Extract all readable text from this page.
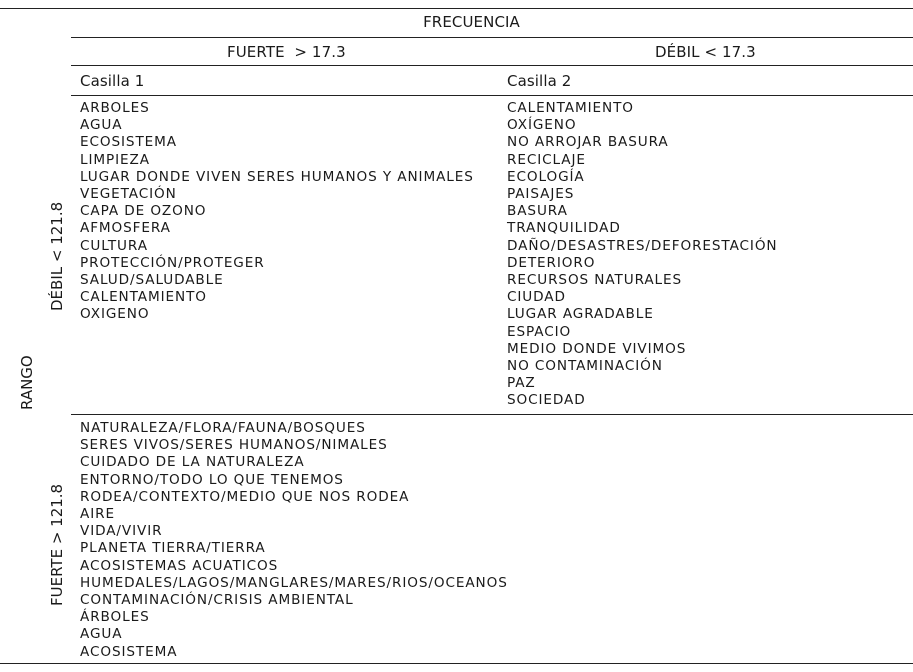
FRECUENCIA
FUERTE  > 17.3	DÉBIL < 17.3
Casilla 1	Casilla 2
RANGO
DÉBIL < 121.8
FUERTE > 121.8
ARBOLES
AGUA
ECOSISTEMA
LIMPIEZA
LUGAR DONDE VIVEN SERES HUMANOS Y ANIMALES
VEGETACIÓN
CAPA DE OZONO
AFMOSFERA
CULTURA
PROTECCIÓN/PROTEGER
SALUD/SALUDABLE
CALENTAMIENTO
OXIGENO
CALENTAMIENTO
OXÍGENO
NO ARROJAR BASURA
RECICLAJE
ECOLOGÍA
PAISAJES
BASURA
TRANQUILIDAD
DAÑO/DESASTRES/DEFORESTACIÓN
DETERIORO
RECURSOS NATURALES
CIUDAD
LUGAR AGRADABLE
ESPACIO
MEDIO DONDE VIVIMOS
NO CONTAMINACIÓN
PAZ
SOCIEDAD
NATURALEZA/FLORA/FAUNA/BOSQUES
SERES VIVOS/SERES HUMANOS/NIMALES
CUIDADO DE LA NATURALEZA
ENTORNO/TODO LO QUE TENEMOS
RODEA/CONTEXTO/MEDIO QUE NOS RODEA
AIRE
VIDA/VIVIR
PLANETA TIERRA/TIERRA
ACOSISTEMAS ACUATICOS
HUMEDALES/LAGOS/MANGLARES/MARES/RIOS/OCEANOS
CONTAMINACIÓN/CRISIS AMBIENTAL
ÁRBOLES
AGUA
ACOSISTEMA
